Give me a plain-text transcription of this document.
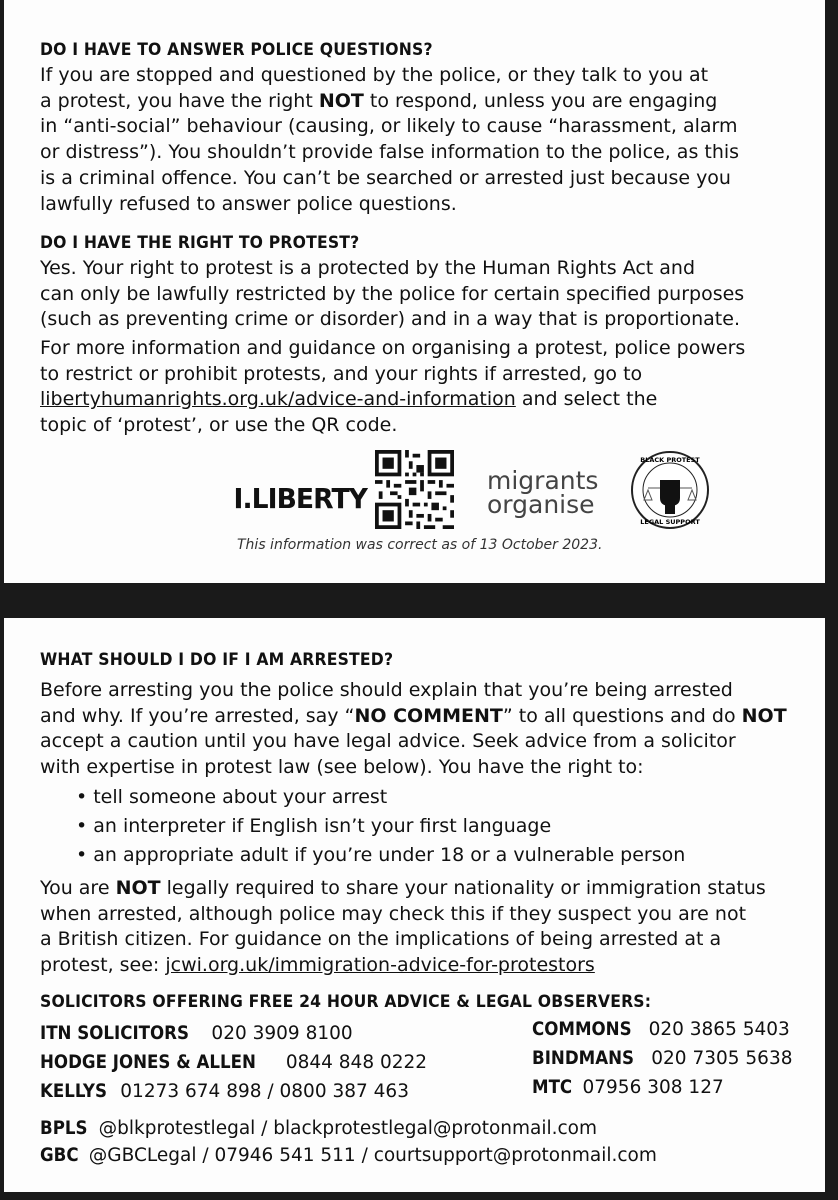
DO I HAVE TO ANSWER POLICE QUESTIONS?
If you are stopped and questioned by the police, or they talk to you at
a protest, you have the right NOT to respond, unless you are engaging
in “anti-social” behaviour (causing, or likely to cause “harassment, alarm
or distress”). You shouldn’t provide false information to the police, as this
is a criminal offence. You can’t be searched or arrested just because you
lawfully refused to answer police questions.
DO I HAVE THE RIGHT TO PROTEST?
Yes. Your right to protest is a protected by the Human Rights Act and
can only be lawfully restricted by the police for certain specified purposes
(such as preventing crime or disorder) and in a way that is proportionate.
For more information and guidance on organising a protest, police powers
to restrict or prohibit protests, and your rights if arrested, go to
libertyhumanrights.org.uk/advice-and-information and select the
topic of ‘protest’, or use the QR code.
I.LIBERTY
migrants
organise
BLACK PROTEST
LEGAL SUPPORT
This information was correct as of 13 October 2023.
WHAT SHOULD I DO IF I AM ARRESTED?
Before arresting you the police should explain that you’re being arrested
and why. If you’re arrested, say “NO COMMENT” to all questions and do NOT
accept a caution until you have legal advice. Seek advice from a solicitor
with expertise in protest law (see below). You have the right to:
• tell someone about your arrest
• an interpreter if English isn’t your first language
• an appropriate adult if you’re under 18 or a vulnerable person
You are NOT legally required to share your nationality or immigration status
when arrested, although police may check this if they suspect you are not
a British citizen. For guidance on the implications of being arrested at a
protest, see: jcwi.org.uk/immigration-advice-for-protestors
SOLICITORS OFFERING FREE 24 HOUR ADVICE & LEGAL OBSERVERS:
ITN SOLICITORS 020 3909 8100
HODGE JONES & ALLEN 0844 848 0222
KELLYS 01273 674 898 / 0800 387 463
COMMONS 020 3865 5403
BINDMANS 020 7305 5638
MTC 07956 308 127
BPLS @blkprotestlegal / blackprotestlegal@protonmail.com
GBC @GBCLegal / 07946 541 511 / courtsupport@protonmail.com
